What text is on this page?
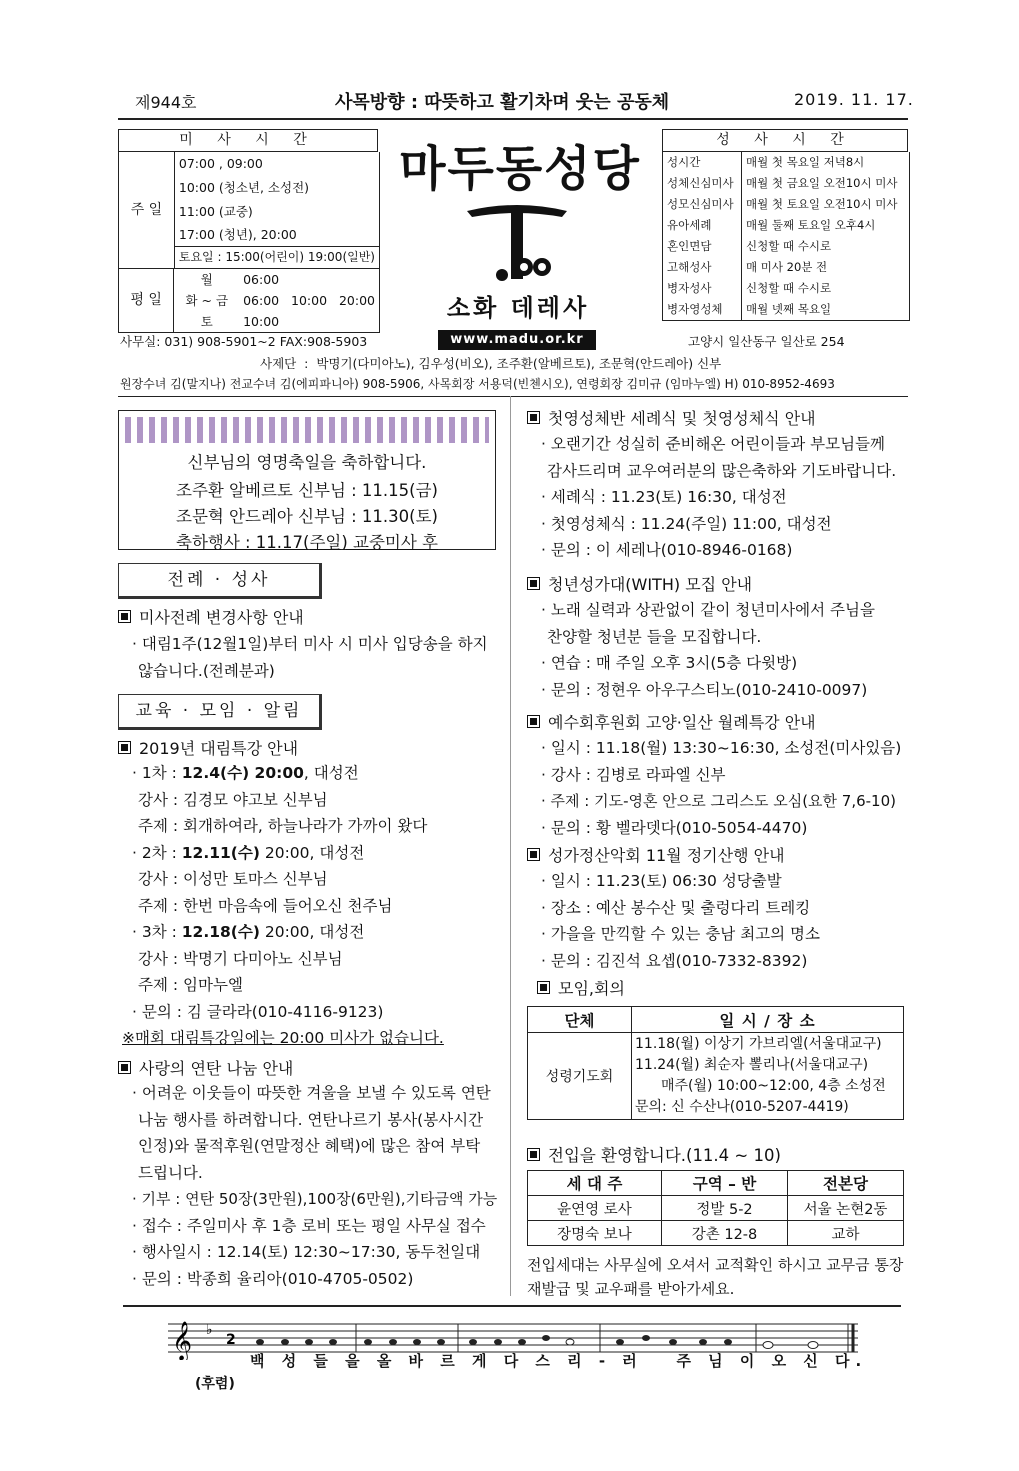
제944호	사목방향 : 따뜻하고 활기차며 웃는 공동체	2019. 11. 17.
미 사 시 간
주 일	07:00 , 09:00
10:00 (청소년, 소성전)
11:00 (교중)
17:00 (청년), 20:00
토요일 : 15:00(어린이) 19:00(일반)
평 일	월	06:00
	화 ~ 금	06:00   10:00   20:00
	토	10:00
마두동성당
소화 데레사
www.madu.or.kr
성 사 시 간
성시간	매월 첫 목요일 저녁8시
성체신심미사	매월 첫 금요일 오전10시 미사
성모신심미사	매월 첫 토요일 오전10시 미사
유아세례	매월 둘째 토요일 오후4시
혼인면담	신청할 때 수시로
고해성사	매 미사 20분 전
병자성사	신청할 때 수시로
병자영성체	매월 넷째 목요일
사무실: 031) 908-5901~2 FAX:908-5903	고양시 일산동구 일산로 254
사제단  :  박명기(다미아노), 김우성(비오), 조주환(알베르토), 조문혁(안드레아) 신부
원장수녀 김(말지나) 전교수녀 김(에피파니아) 908-5906, 사목회장 서용덕(빈첸시오), 연령회장 김미규 (임마누엘) H) 010-8952-4693
신부님의 영명축일을 축하합니다.
조주환 알베르토 신부님 : 11.15(금)
조문혁 안드레아 신부님 : 11.30(토)
축하행사 : 11.17(주일) 교중미사 후
전례 · 성사
미사전례 변경사항 안내
· 대림1주(12월1일)부터 미사 시 미사 입당송을 하지
않습니다.(전례분과)
교육 · 모임 · 알림
2019년 대림특강 안내
· 1차 : 12.4(수) 20:00, 대성전
강사 : 김경모 야고보 신부님
주제 : 회개하여라, 하늘나라가 가까이 왔다
· 2차 : 12.11(수) 20:00, 대성전
강사 : 이성만 토마스 신부님
주제 : 한번 마음속에 들어오신 천주님
· 3차 : 12.18(수) 20:00, 대성전
강사 : 박명기 다미아노 신부님
주제 : 임마누엘
· 문의 : 김 글라라(010-4116-9123)
※매회 대림특강일에는 20:00 미사가 없습니다.
사랑의 연탄 나눔 안내
· 어려운 이웃들이 따뜻한 겨울을 보낼 수 있도록 연탄
나눔 행사를 하려합니다. 연탄나르기 봉사(봉사시간
인정)와 물적후원(연말정산 혜택)에 많은 참여 부탁
드립니다.
· 기부 : 연탄 50장(3만원),100장(6만원),기타금액 가능
· 접수 : 주일미사 후 1층 로비 또는 평일 사무실 접수
· 행사일시 : 12.14(토) 12:30~17:30, 동두천일대
· 문의 : 박종희 율리아(010-4705-0502)
첫영성체반 세례식 및 첫영성체식 안내
· 오랜기간 성실히 준비해온 어린이들과 부모님들께
감사드리며 교우여러분의 많은축하와 기도바랍니다.
· 세례식 : 11.23(토) 16:30, 대성전
· 첫영성체식 : 11.24(주일) 11:00, 대성전
· 문의 : 이 세레나(010-8946-0168)
청년성가대(WITH) 모집 안내
· 노래 실력과 상관없이 같이 청년미사에서 주님을
찬양할 청년분 들을 모집합니다.
· 연습 : 매 주일 오후 3시(5층 다윗방)
· 문의 : 정현우 아우구스티노(010-2410-0097)
예수회후원회 고양·일산 월례특강 안내
· 일시 : 11.18(월) 13:30~16:30, 소성전(미사있음)
· 강사 : 김병로 라파엘 신부
· 주제 : 기도-영혼 안으로 그리스도 오심(요한 7,6-10)
· 문의 : 황 벨라뎃다(010-5054-4470)
성가정산악회 11월 정기산행 안내
· 일시 : 11.23(토) 06:30 성당출발
· 장소 : 예산 봉수산 및 출렁다리 트레킹
· 가을을 만끽할 수 있는 충남 최고의 명소
· 문의 : 김진석 요셉(010-7332-8392)
모임,회의
단체	일 시 / 장 소
성령기도회	11.18(월) 이상기 가브리엘(서울대교구)
11.24(월) 최순자 뽈리나(서울대교구)
매주(월) 10:00~12:00, 4층 소성전
문의: 신 수산나(010-5207-4419)
전입을 환영합니다.(11.4 ~ 10)
세 대 주	구역 – 반	전본당
윤연영 로사	정발 5-2	서울 논현2동
장명숙 보나	강촌 12-8	교하
전입세대는 사무실에 오셔서 교적확인 하시고 교무금 통장
재발급 및 교우패를 받아가세요.
𝄞 ♭
2
백 성 들 을 올 바 르 게 다 스 리 - 러   주 님 이 오 신 다.
(후렴)
